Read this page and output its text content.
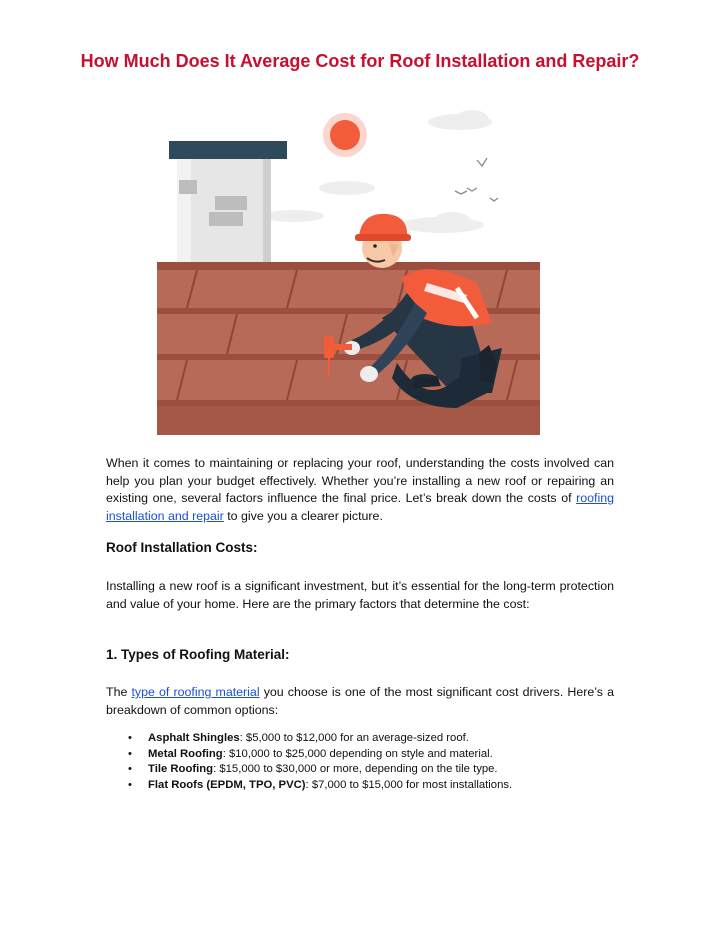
How Much Does It Average Cost for Roof Installation and Repair?

When it comes to maintaining or replacing your roof, understanding the costs involved can help you plan your budget effectively. Whether you’re installing a new roof or repairing an existing one, several factors influence the final price. Let’s break down the costs of roofing installation and repair to give you a clearer picture.

Roof Installation Costs:

Installing a new roof is a significant investment, but it’s essential for the long-term protection and value of your home. Here are the primary factors that determine the cost:

1. Types of Roofing Material:

The type of roofing material you choose is one of the most significant cost drivers. Here’s a breakdown of common options:

• Asphalt Shingles: $5,000 to $12,000 for an average-sized roof.
• Metal Roofing: $10,000 to $25,000 depending on style and material.
• Tile Roofing: $15,000 to $30,000 or more, depending on the tile type.
• Flat Roofs (EPDM, TPO, PVC): $7,000 to $15,000 for most installations.
